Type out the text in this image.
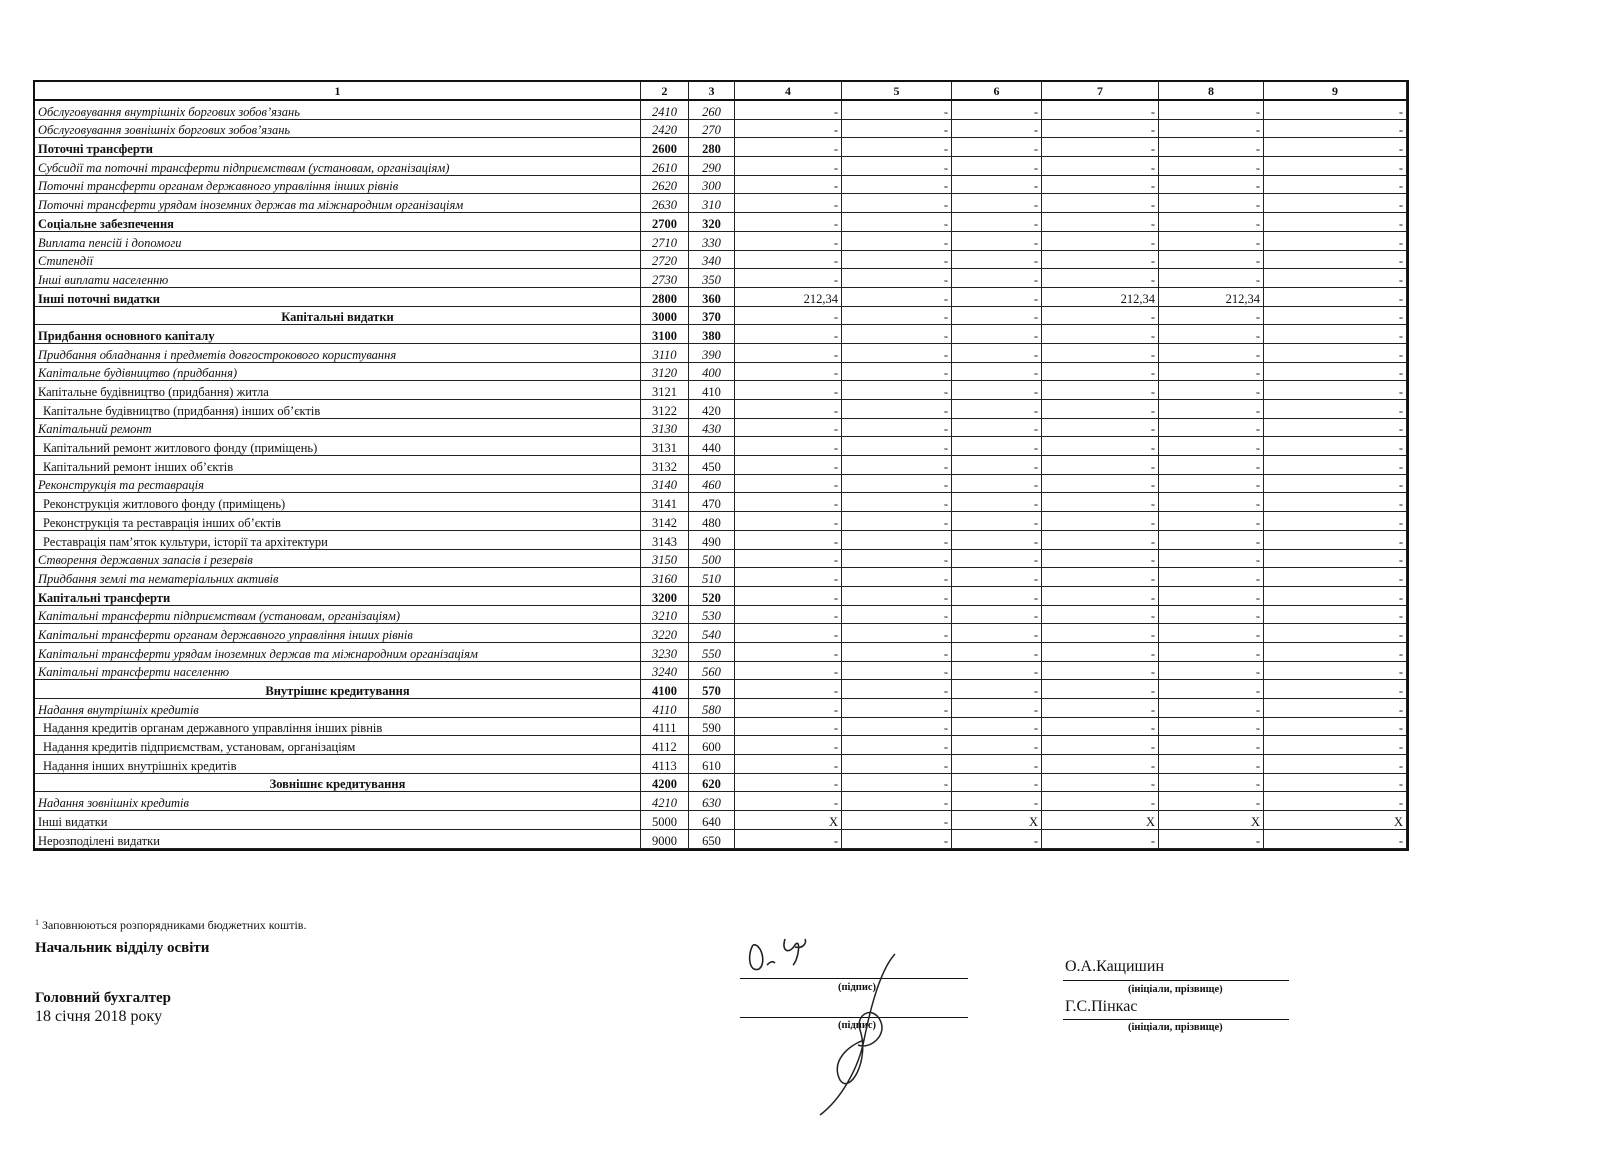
1	2	3	4	5	6	7	8	9
Обслуговування внутрішніх боргових зобов’язань	2410	260	-	-	-	-	-	-
Обслуговування зовнішніх боргових зобов’язань	2420	270	-	-	-	-	-	-
Поточні трансферти	2600	280	-	-	-	-	-	-
Субсидії та поточні трансферти підприємствам (установам, організаціям)	2610	290	-	-	-	-	-	-
Поточні трансферти органам державного управління інших рівнів	2620	300	-	-	-	-	-	-
Поточні трансферти урядам іноземних держав та міжнародним організаціям	2630	310	-	-	-	-	-	-
Соціальне забезпечення	2700	320	-	-	-	-	-	-
Виплата пенсій і допомоги	2710	330	-	-	-	-	-	-
Стипендії	2720	340	-	-	-	-	-	-
Інші виплати населенню	2730	350	-	-	-	-	-	-
Інші поточні видатки	2800	360	212,34	-	-	212,34	212,34	-
Капітальні видатки	3000	370	-	-	-	-	-	-
Придбання основного капіталу	3100	380	-	-	-	-	-	-
Придбання обладнання і предметів довгострокового користування	3110	390	-	-	-	-	-	-
Капітальне будівництво (придбання)	3120	400	-	-	-	-	-	-
Капітальне будівництво (придбання) житла	3121	410	-	-	-	-	-	-
Капітальне будівництво (придбання) інших об’єктів	3122	420	-	-	-	-	-	-
Капітальний ремонт	3130	430	-	-	-	-	-	-
Капітальний ремонт житлового фонду (приміщень)	3131	440	-	-	-	-	-	-
Капітальний ремонт інших об’єктів	3132	450	-	-	-	-	-	-
Реконструкція та реставрація	3140	460	-	-	-	-	-	-
Реконструкція житлового фонду (приміщень)	3141	470	-	-	-	-	-	-
Реконструкція та реставрація інших об’єктів	3142	480	-	-	-	-	-	-
Реставрація пам’яток культури, історії та архітектури	3143	490	-	-	-	-	-	-
Створення державних запасів і резервів	3150	500	-	-	-	-	-	-
Придбання землі та нематеріальних активів	3160	510	-	-	-	-	-	-
Капітальні трансферти	3200	520	-	-	-	-	-	-
Капітальні трансферти підприємствам (установам, організаціям)	3210	530	-	-	-	-	-	-
Капітальні трансферти органам державного управління інших рівнів	3220	540	-	-	-	-	-	-
Капітальні трансферти урядам іноземних держав та міжнародним організаціям	3230	550	-	-	-	-	-	-
Капітальні трансферти населенню	3240	560	-	-	-	-	-	-
Внутрішнє кредитування	4100	570	-	-	-	-	-	-
Надання внутрішніх кредитів	4110	580	-	-	-	-	-	-
Надання кредитів органам державного управління інших рівнів	4111	590	-	-	-	-	-	-
Надання кредитів підприємствам, установам, організаціям	4112	600	-	-	-	-	-	-
Надання інших внутрішніх кредитів	4113	610	-	-	-	-	-	-
Зовнішнє кредитування	4200	620	-	-	-	-	-	-
Надання зовнішніх кредитів	4210	630	-	-	-	-	-	-
Інші видатки	5000	640	X	-	X	X	X	X
Нерозподілені видатки	9000	650	-	-	-	-	-	-
$^1$ Заповнюються розпорядниками бюджетних коштів.
Начальник відділу освіти
Головний бухгалтер
18 січня 2018 року
(підпис)
(підпис)
О.А.Кащишин
(ініціали, прізвище)
Г.С.Пінкас
(ініціали, прізвище)
